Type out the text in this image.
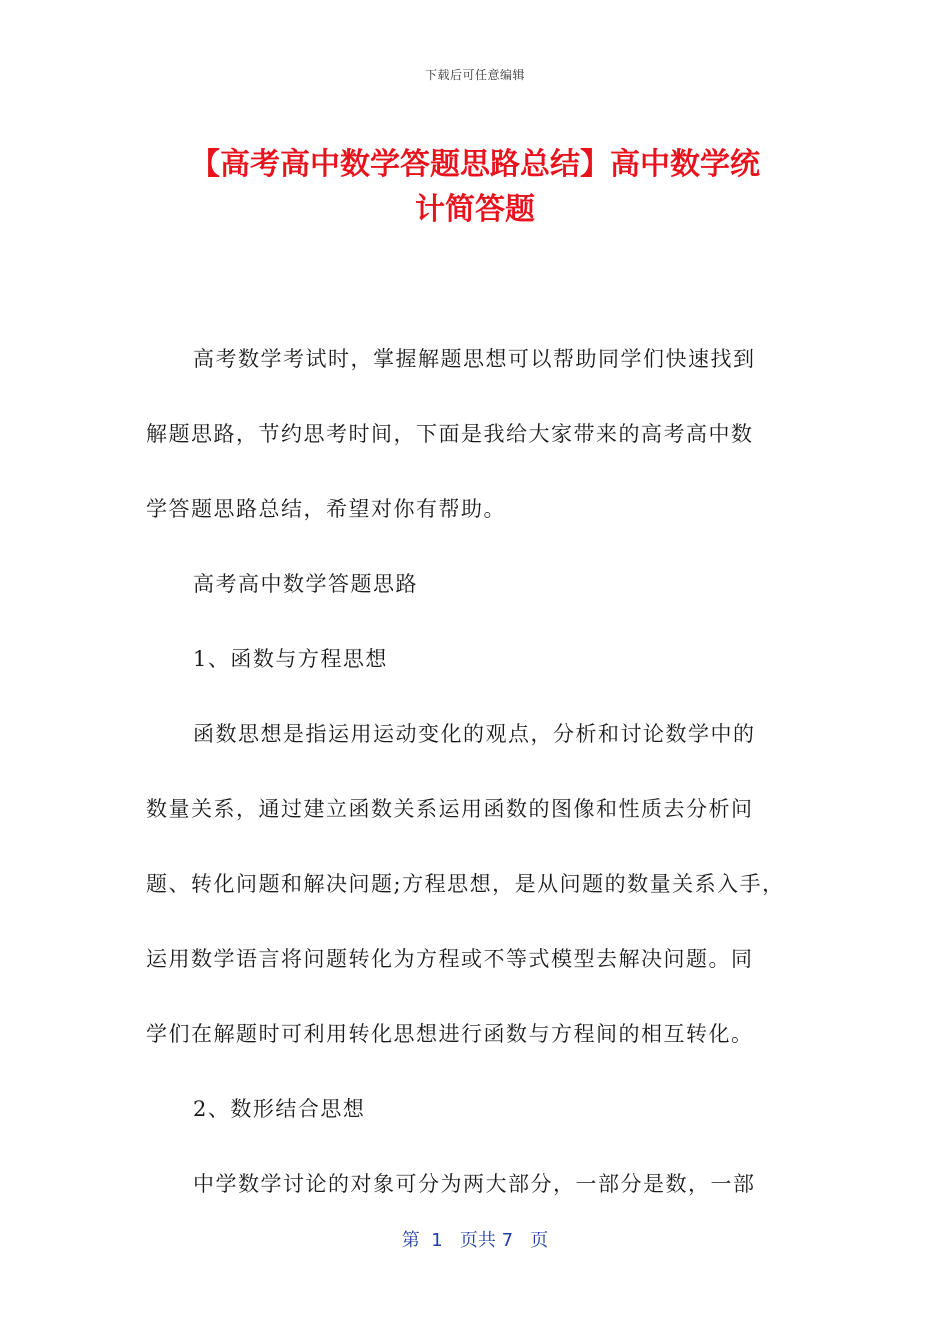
下载后可任意编辑
【高考高中数学答题思路总结】高中数学统
计简答题

高考数学考试时，掌握解题思想可以帮助同学们快速找到

解题思路，节约思考时间，下面是我给大家带来的高考高中数

学答题思路总结，希望对你有帮助。

高考高中数学答题思路

1、函数与方程思想

函数思想是指运用运动变化的观点，分析和讨论数学中的

数量关系，通过建立函数关系运用函数的图像和性质去分析问

题、转化问题和解决问题;方程思想，是从问题的数量关系入手，

运用数学语言将问题转化为方程或不等式模型去解决问题。同

学们在解题时可利用转化思想进行函数与方程间的相互转化。

2、数形结合思想

中学数学讨论的对象可分为两大部分，一部分是数，一部

第  1   页共 7   页
